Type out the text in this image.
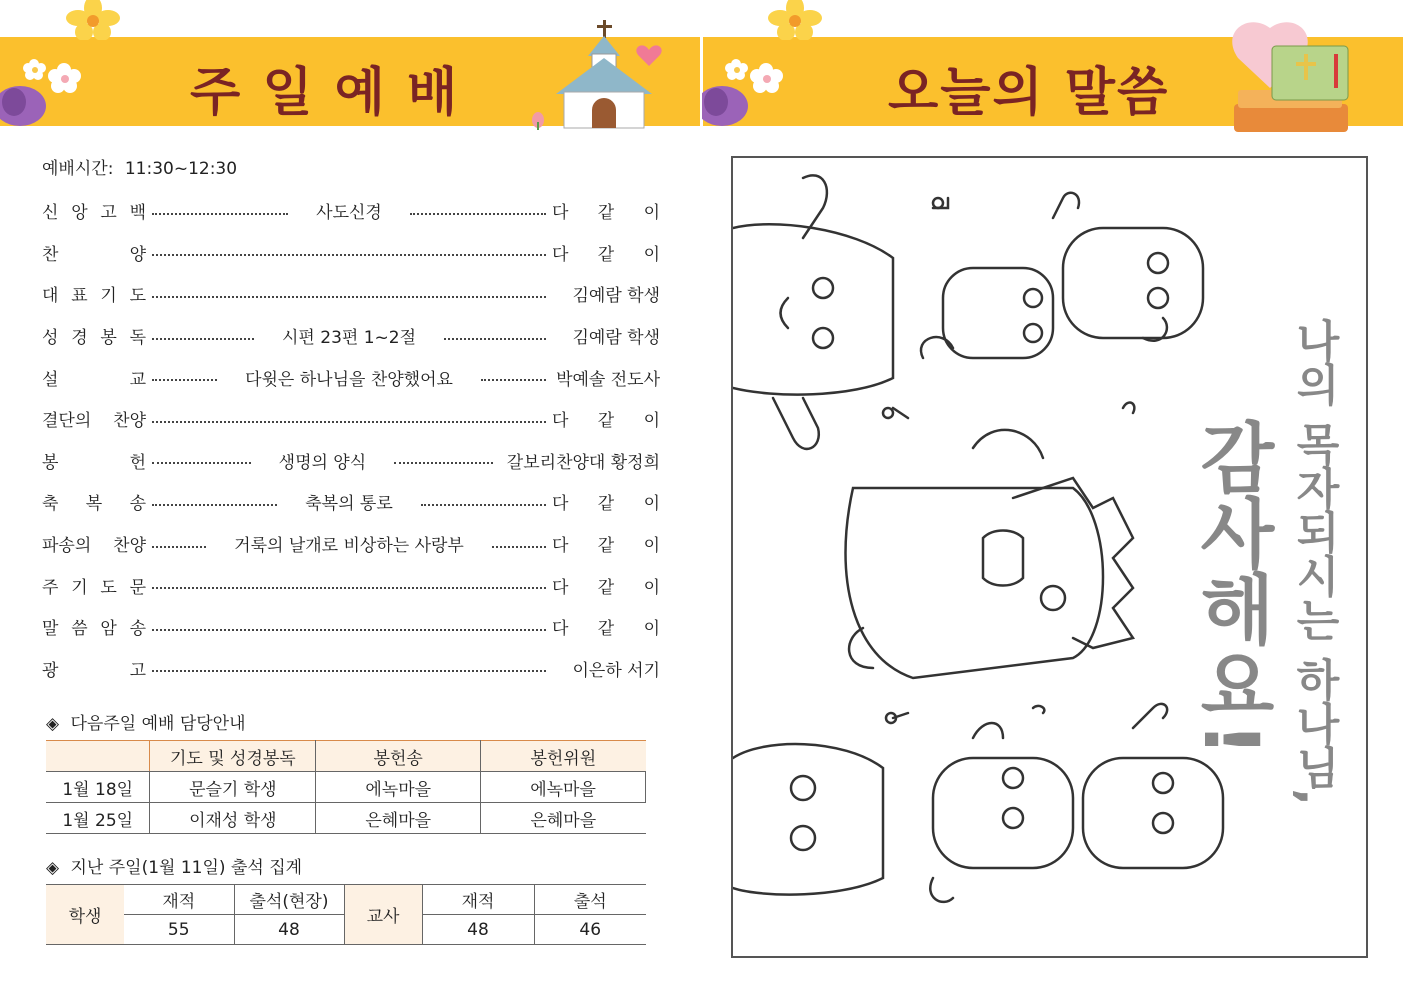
주 일 예 배	오늘의 말씀
예배시간: 11:30~12:30
신 앙 고 백	사도신경	다 같 이
찬 양	다 같 이
대 표 기 도	김예람 학생
성 경 봉 독	시편 23편 1~2절	김예람 학생
설 교	다윗은 하나님을 찬양했어요	박예솔 전도사
결단의 찬양	다 같 이
봉 헌	생명의 양식	갈보리찬양대 황정희
축 복 송	축복의 통로	다 같 이
파송의 찬양	거룩의 날개로 비상하는 사랑부	다 같 이
주 기 도 문	다 같 이
말 씀 암 송	다 같 이
광 고	이은하 서기
◈ 다음주일 예배 담당안내
	기도 및 성경봉독	봉헌송	봉헌위원
1월 18일	문슬기 학생	에녹마을	에녹마을
1월 25일	이재성 학생	은혜마을	은혜마을
◈ 지난 주일(1월 11일) 출석 집계
학생	재적	출석(현장)	교사	재적	출석
	55	48		48	46
나의 목자되시는 하나님,
감사해요!
